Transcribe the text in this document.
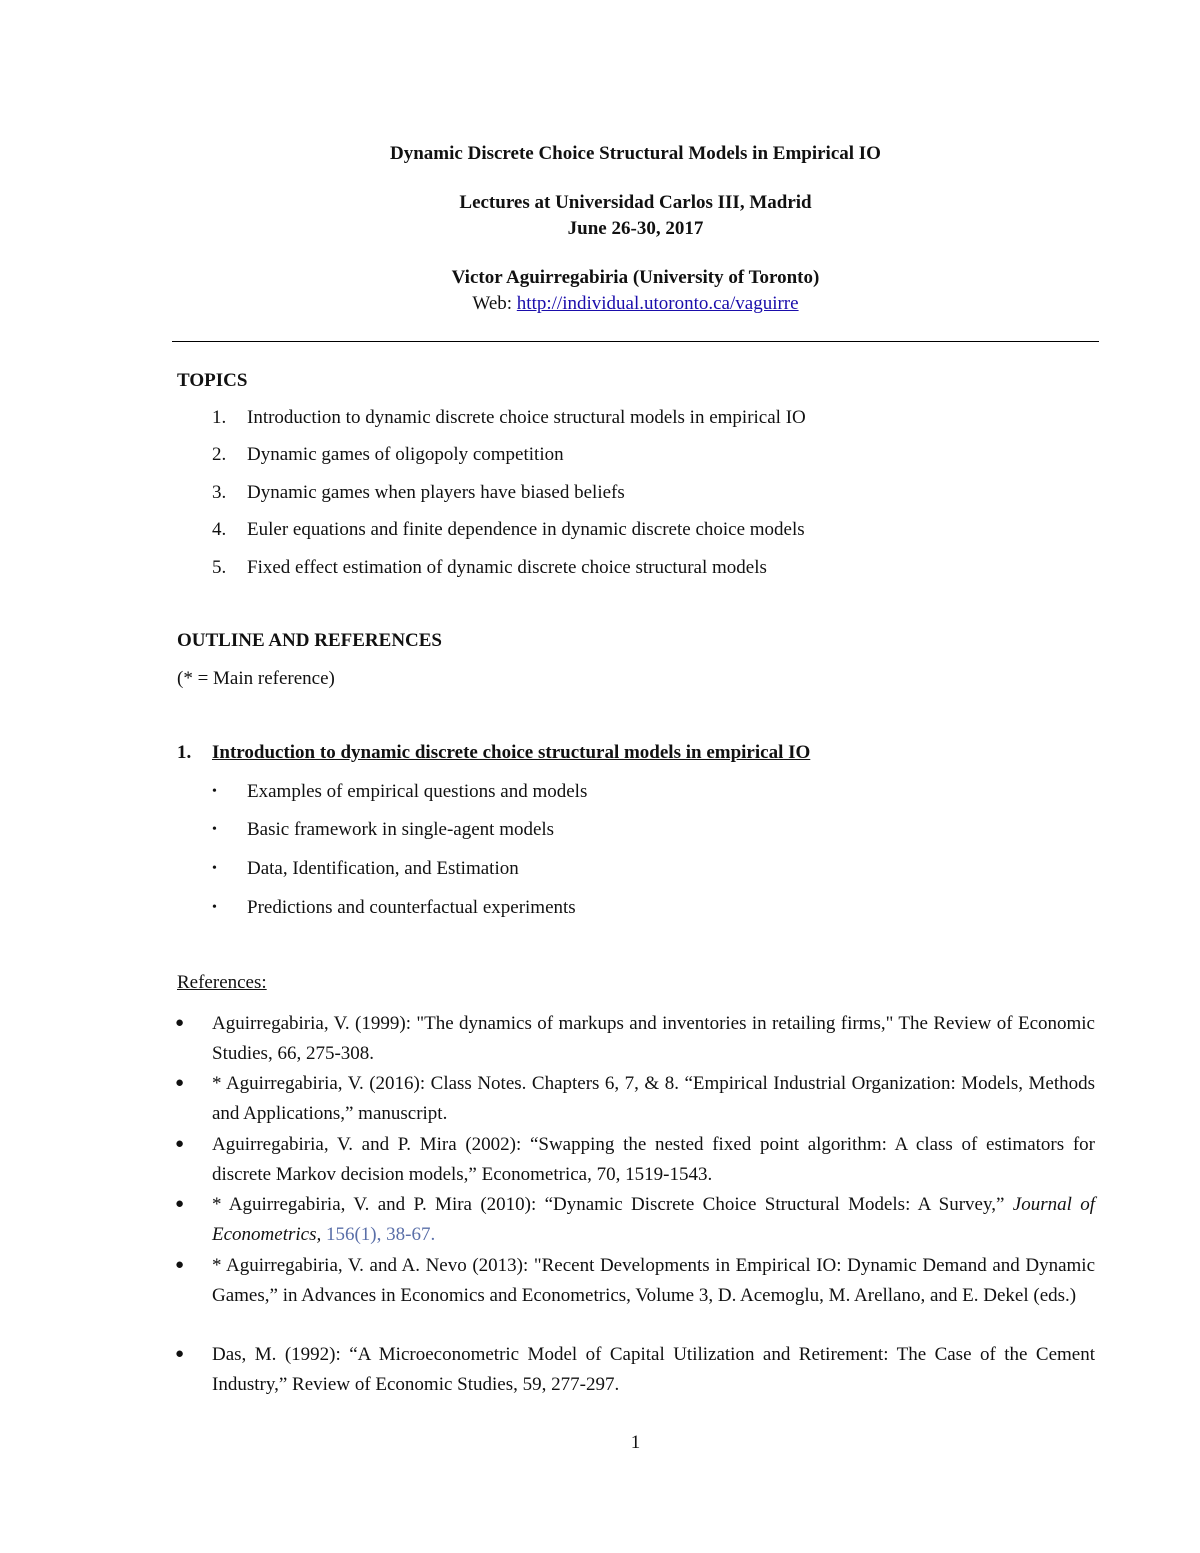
Dynamic Discrete Choice Structural Models in Empirical IO
Lectures at Universidad Carlos III, Madrid
June 26-30, 2017
Victor Aguirregabiria (University of Toronto)
Web: http://individual.utoronto.ca/vaguirre
TOPICS
1. Introduction to dynamic discrete choice structural models in empirical IO
2. Dynamic games of oligopoly competition
3. Dynamic games when players have biased beliefs
4. Euler equations and finite dependence in dynamic discrete choice models
5. Fixed effect estimation of dynamic discrete choice structural models
OUTLINE AND REFERENCES
(* = Main reference)
1. Introduction to dynamic discrete choice structural models in empirical IO
• Examples of empirical questions and models
• Basic framework in single-agent models
• Data, Identification, and Estimation
• Predictions and counterfactual experiments
References:
● Aguirregabiria, V. (1999): "The dynamics of markups and inventories in retailing firms," The Review of Economic Studies, 66, 275-308.
● * Aguirregabiria, V. (2016): Class Notes. Chapters 6, 7, & 8. “Empirical Industrial Organization: Models, Methods and Applications,” manuscript.
● Aguirregabiria, V. and P. Mira (2002): “Swapping the nested fixed point algorithm: A class of estimators for discrete Markov decision models,” Econometrica, 70, 1519-1543.
● * Aguirregabiria, V. and P. Mira (2010): “Dynamic Discrete Choice Structural Models: A Survey,” Journal of Econometrics, 156(1), 38-67.
● * Aguirregabiria, V. and A. Nevo (2013): "Recent Developments in Empirical IO: Dynamic Demand and Dynamic Games,” in Advances in Economics and Econometrics, Volume 3, D. Acemoglu, M. Arellano, and E. Dekel (eds.)
● Das, M. (1992): “A Microeconometric Model of Capital Utilization and Retirement: The Case of the Cement Industry,” Review of Economic Studies, 59, 277-297.
1
